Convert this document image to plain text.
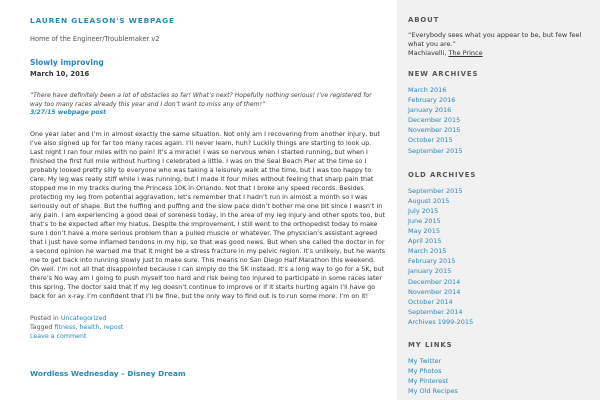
LAUREN GLEASON'S WEBPAGE
Home of the Engineer/Troublemaker v2
Slowly improving
March 10, 2016

“There have definitely been a lot of obstacles so far! What’s next? Hopefully nothing serious! I’ve registered for way too many races already this year and I don’t want to miss any of them!”

3/27/15 webpage post

One year later and I’m in almost exactly the same situation. Not only am I recovering from another injury, but I’ve also signed up for far too many races again. I’ll never learn, huh? Luckily things are starting to look up. Last night I ran four miles with no pain! It’s a miracle! I was so nervous when I started running, but when I finished the first full mile without hurting I celebrated a little. I was on the Seal Beach Pier at the time so I probably looked pretty silly to everyone who was taking a leisurely walk at the time, but I was too happy to care. My leg was really stiff while I was running, but I made it four miles without feeling that sharp pain that stopped me in my tracks during the Princess 10K in Orlando. Not that I broke any speed records. Besides protecting my leg from potential aggravation, let’s remember that I hadn’t run in almost a month so I was seriously out of shape. But the huffing and puffing and the slow pace didn’t bother me one bit since I wasn’t in any pain. I am experiencing a good deal of soreness today, in the area of my leg injury and other spots too, but that’s to be expected after my hiatus. Despite the improvement, I still went to the orthopedist today to make sure I don’t have a more serious problem than a pulled muscle or whatever. The physician’s assistant agreed that I just have some inflamed tendons in my hip, so that was good news. But when she called the doctor in for a second opinion he warned me that it might be a stress fracture in my pelvic region. It’s unlikely, but he wants me to get back into running slowly just to make sure. This means no San Diego Half Marathon this weekend. Oh well. I’m not all that disappointed because I can simply do the 5K instead. It’s a long way to go for a 5K, but there’s No way am I going to push myself too hard and risk being too injured to participate in some races later this spring. The doctor said that if my leg doesn’t continue to improve or if it starts hurting again I’ll have go back for an x-ray. I’m confident that I’ll be fine, but the only way to find out is to run some more. I’m on it!

Posted in Uncategorized
Tagged fitness, health, repost
Leave a comment
Wordless Wednesday – Disney Dream
ABOUT
“Everybody sees what you appear to be, but few feel what you are.”
Machiavelli, The Prince
NEW ARCHIVES
March 2016
February 2016
January 2016
December 2015
November 2015
October 2015
September 2015
OLD ARCHIVES
September 2015
August 2015
July 2015
June 2015
May 2015
April 2015
March 2015
February 2015
January 2015
December 2014
November 2014
October 2014
September 2014
Archives 1999-2015
MY LINKS
My Twitter
My Photos
My Pinterest
My Old Recipes
